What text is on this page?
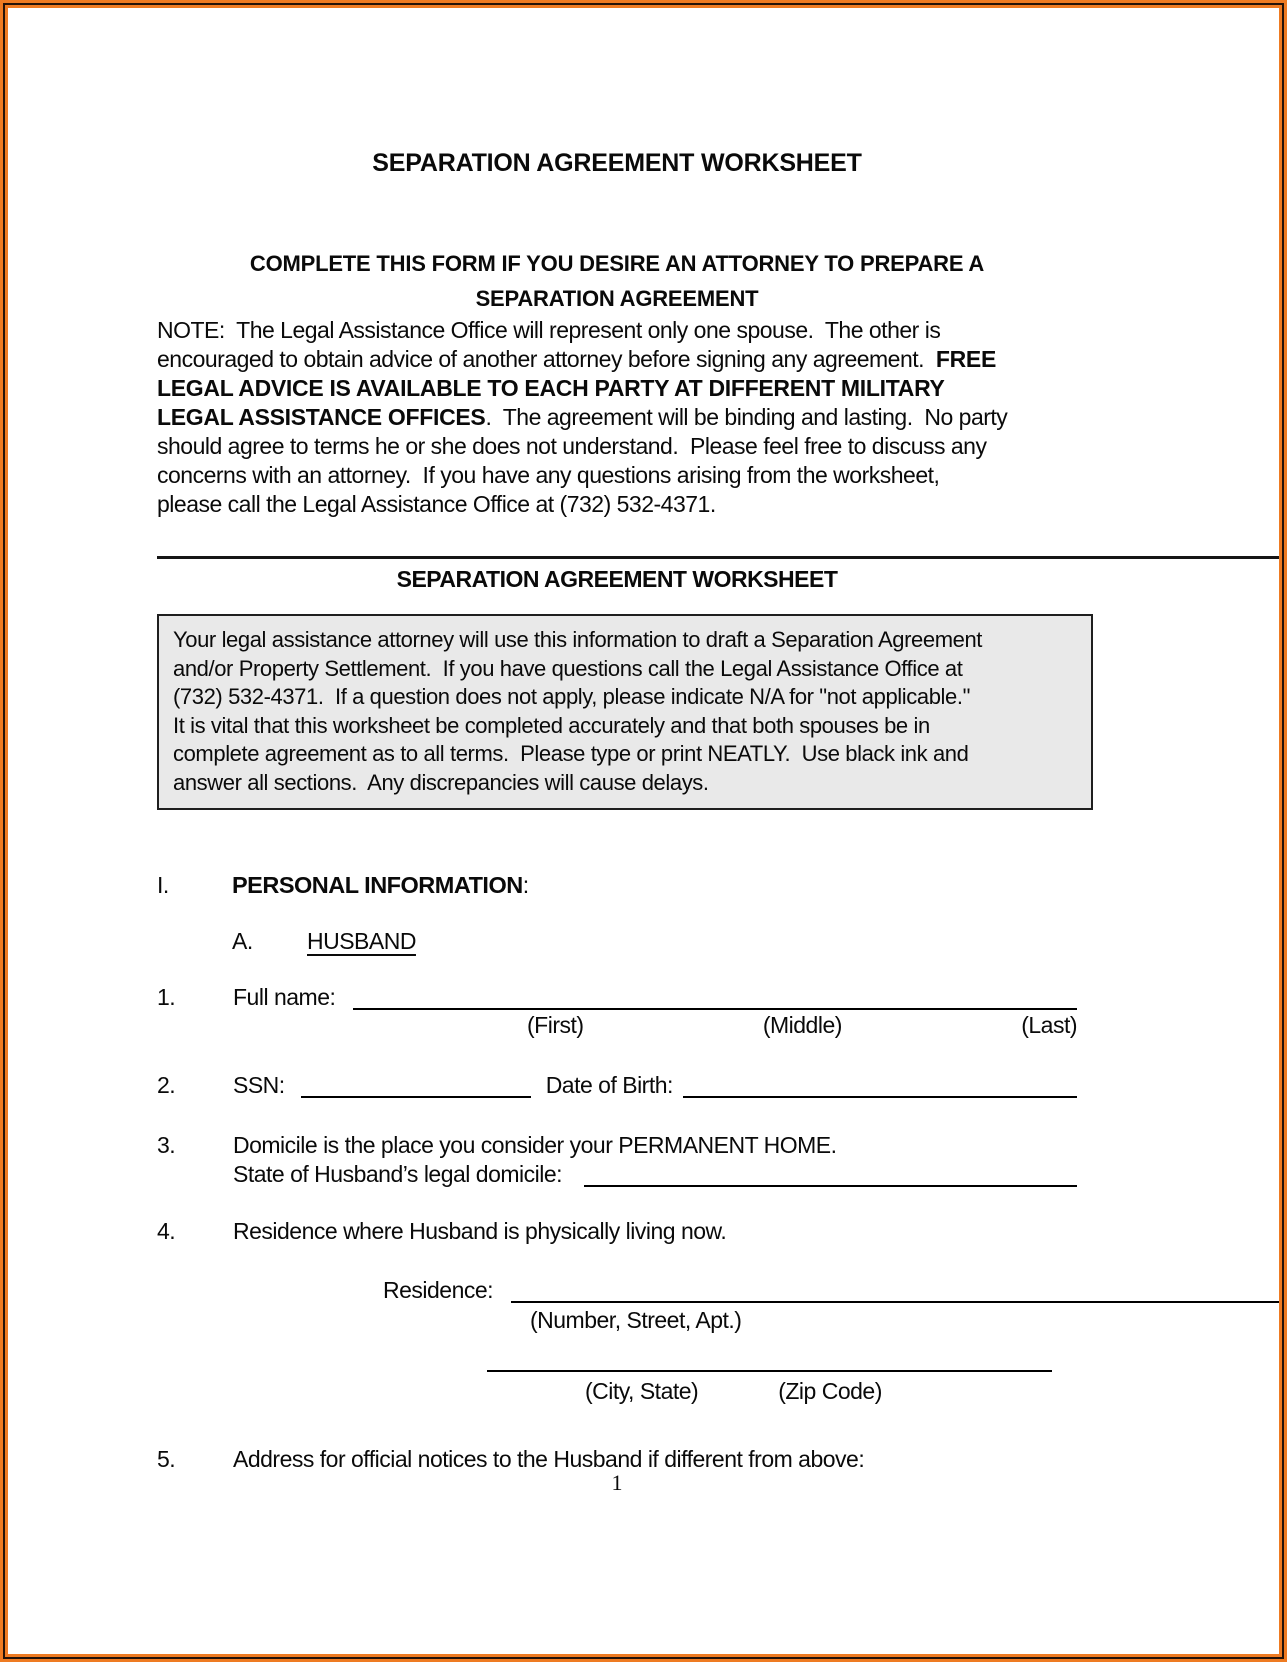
SEPARATION AGREEMENT WORKSHEET
COMPLETE THIS FORM IF YOU DESIRE AN ATTORNEY TO PREPARE A
SEPARATION AGREEMENT
NOTE:  The Legal Assistance Office will represent only one spouse.  The other is
encouraged to obtain advice of another attorney before signing any agreement.  FREE
LEGAL ADVICE IS AVAILABLE TO EACH PARTY AT DIFFERENT MILITARY
LEGAL ASSISTANCE OFFICES.  The agreement will be binding and lasting.  No party
should agree to terms he or she does not understand.  Please feel free to discuss any
concerns with an attorney.  If you have any questions arising from the worksheet,
please call the Legal Assistance Office at (732) 532-4371.
SEPARATION AGREEMENT WORKSHEET
Your legal assistance attorney will use this information to draft a Separation Agreement
and/or Property Settlement.  If you have questions call the Legal Assistance Office at
(732) 532-4371.  If a question does not apply, please indicate N/A for "not applicable."
It is vital that this worksheet be completed accurately and that both spouses be in
complete agreement as to all terms.  Please type or print NEATLY.  Use black ink and
answer all sections.  Any discrepancies will cause delays.
I.	PERSONAL INFORMATION:
A.	HUSBAND
1.	Full name:
(First)	(Middle)	(Last)
2.	SSN:	Date of Birth:
3.	Domicile is the place you consider your PERMANENT HOME.
State of Husband’s legal domicile:
4.	Residence where Husband is physically living now.
Residence:
(Number, Street, Apt.)
(City, State)	(Zip Code)
5.	Address for official notices to the Husband if different from above:
1
